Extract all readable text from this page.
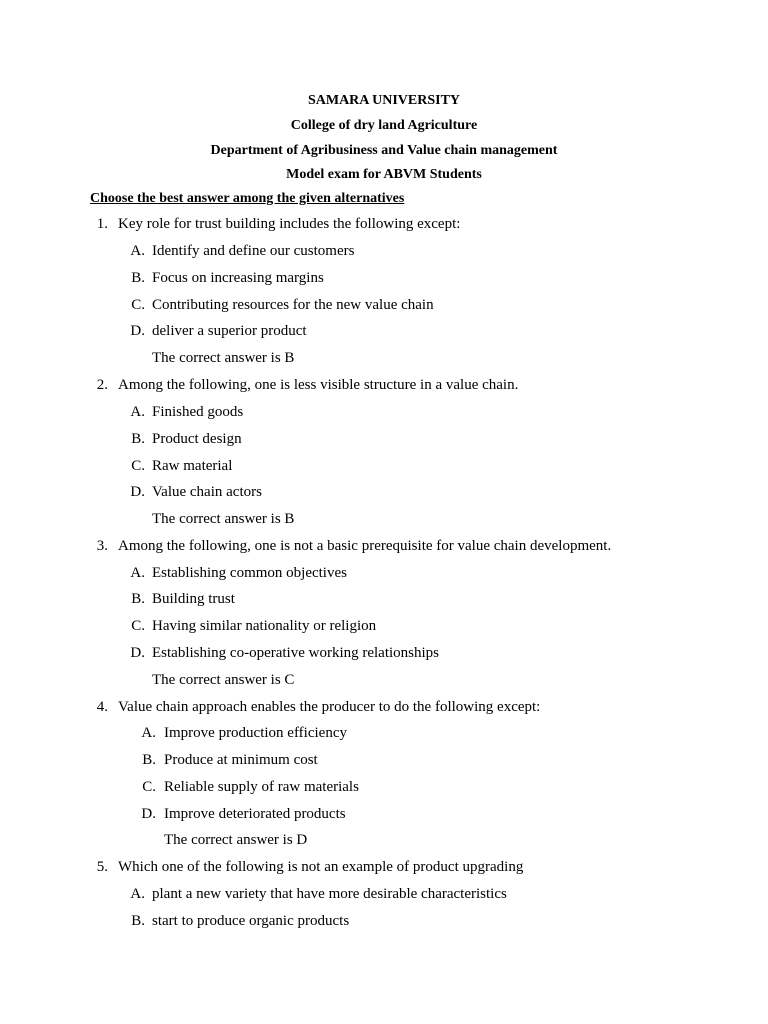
SAMARA UNIVERSITY
College of dry land Agriculture
Department of Agribusiness and Value chain management
Model exam for ABVM Students
Choose the best answer among the given alternatives
1. Key role for trust building includes the following except:
A. Identify and define our customers
B. Focus on increasing margins
C. Contributing resources for the new value chain
D. deliver a superior product
The correct answer is B
2. Among the following, one is less visible structure in a value chain.
A. Finished goods
B. Product design
C. Raw material
D. Value chain actors
The correct answer is B
3. Among the following, one is not a basic prerequisite for value chain development.
A. Establishing common objectives
B. Building trust
C. Having similar nationality or religion
D. Establishing co-operative working relationships
The correct answer is C
4. Value chain approach enables the producer to do the following except:
A. Improve production efficiency
B. Produce at minimum cost
C. Reliable supply of raw materials
D. Improve deteriorated products
The correct answer is D
5. Which one of the following is not an example of product upgrading
A. plant a new variety that have more desirable characteristics
B. start to produce organic products
